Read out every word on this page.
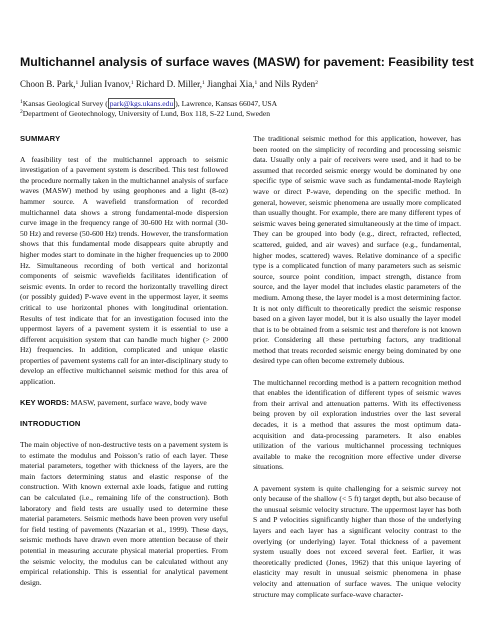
Multichannel analysis of surface waves (MASW) for pavement: Feasibility test
Choon B. Park,$^1$ Julian Ivanov,$^1$ Richard D. Miller,$^1$ Jianghai Xia,$^1$ and Nils Ryden$^2$
$^1$Kansas Geological Survey ( park@kgs.ukans.edu ), Lawrence, Kansas 66047, USA
$^2$Department of Geotechnology, University of Lund, Box 118, S-22 Lund, Sweden
SUMMARY
A feasibility test of the multichannel approach to seismic investigation of a pavement system is described. This test followed the procedure normally taken in the multichannel analysis of surface waves (MASW) method by using geophones and a light (8-oz) hammer source. A wavefield transformation of recorded multichannel data shows a strong fundamental-mode dispersion curve image in the frequency range of 30-600 Hz with normal (30-50 Hz) and reverse (50-600 Hz) trends. However, the transformation shows that this fundamental mode disappears quite abruptly and higher modes start to dominate in the higher frequencies up to 2000 Hz. Simultaneous recording of both vertical and horizontal components of seismic wavefields facilitates identification of seismic events. In order to record the horizontally travelling direct (or possibly guided) P-wave event in the uppermost layer, it seems critical to use horizontal phones with longitudinal orientation. Results of test indicate that for an investigation focused into the uppermost layers of a pavement system it is essential to use a different acquisition system that can handle much higher (> 2000 Hz) frequencies. In addition, complicated and unique elastic properties of pavement systems call for an inter-disciplinary study to develop an effective multichannel seismic method for this area of application.
KEY WORDS: MASW, pavement, surface wave, body wave
INTRODUCTION
The main objective of non-destructive tests on a pavement system is to estimate the modulus and Poisson’s ratio of each layer. These material parameters, together with thickness of the layers, are the main factors determining status and elastic response of the construction. With known external axle loads, fatigue and rutting can be calculated (i.e., remaining life of the construction). Both laboratory and field tests are usually used to determine these material parameters. Seismic methods have been proven very useful for field testing of pavements (Nazarian et al., 1999). These days, seismic methods have drawn even more attention because of their potential in measuring accurate physical material properties. From the seismic velocity, the modulus can be calculated without any empirical relationship. This is essential for analytical pavement design.
The traditional seismic method for this application, however, has been rooted on the simplicity of recording and processing seismic data. Usually only a pair of receivers were used, and it had to be assumed that recorded seismic energy would be dominated by one specific type of seismic wave such as fundamental-mode Rayleigh wave or direct P-wave, depending on the specific method. In general, however, seismic phenomena are usually more complicated than usually thought. For example, there are many different types of seismic waves being generated simultaneously at the time of impact. They can be grouped into body (e.g., direct, refracted, reflected, scattered, guided, and air waves) and surface (e.g., fundamental, higher modes, scattered) waves. Relative dominance of a specific type is a complicated function of many parameters such as seismic source, source point condition, impact strength, distance from source, and the layer model that includes elastic parameters of the medium. Among these, the layer model is a most determining factor. It is not only difficult to theoretically predict the seismic response based on a given layer model, but it is also usually the layer model that is to be obtained from a seismic test and therefore is not known prior. Considering all these perturbing factors, any traditional method that treats recorded seismic energy being dominated by one desired type can often become extremely dubious.
The multichannel recording method is a pattern recognition method that enables the identification of different types of seismic waves from their arrival and attenuation patterns. With its effectiveness being proven by oil exploration industries over the last several decades, it is a method that assures the most optimum data-acquisition and data-processing parameters. It also enables utilization of the various multichannel processing techniques available to make the recognition more effective under diverse situations.
A pavement system is quite challenging for a seismic survey not only because of the shallow (< 5 ft) target depth, but also because of the unusual seismic velocity structure. The uppermost layer has both S and P velocities significantly higher than those of the underlying layers and each layer has a significant velocity contrast to the overlying (or underlying) layer. Total thickness of a pavement system usually does not exceed several feet. Earlier, it was theoretically predicted (Jones, 1962) that this unique layering of elasticity may result in unusual seismic phenomena in phase velocity and attenuation of surface waves. The unique velocity structure may complicate surface-wave character-
